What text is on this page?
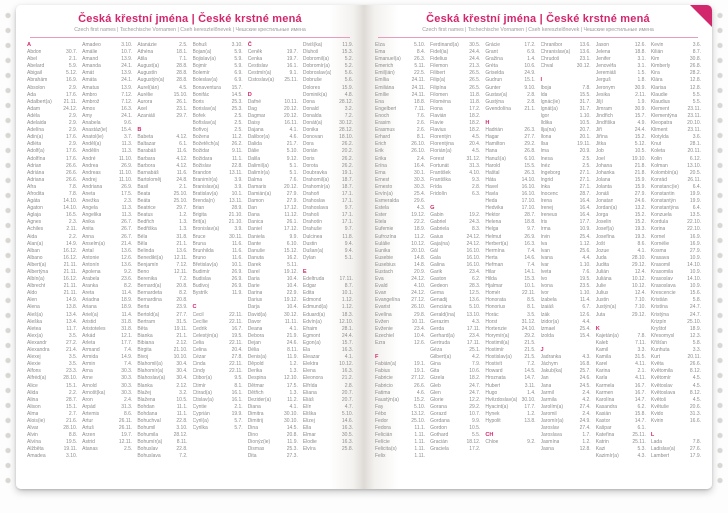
Česká křestní jména | České krstné mená
Czech first names | Tschechische Vornamen | Cseh keresztelőnevek | Чешские крестильные имена
A
Abdon	30.7.
Ábel	2.1.
Abelard	5.9.
Abigail	5.12.
Abrahám	16.9.
Absolon	2.9.
Ada	17.6.
Adalbert(a) 21.11.
Adam	24.12.
Adéla	2.9.
Adelaida	2.9.
Adelína	2.9.
Adin(a)	17.6.
Adléta	2.9.
Adolf(a)	17.6.
Adolfína	17.6.
Adrian	26.6.
Adriána	26.6.
Adriana	26.6.
Afra	7.8.
Afrodita	7.8.
Agáta	14.10.
Agaton	14.10.
Aglaja	16.5.
Agnes	2.3.
Achiles	2.11.
Aida	2.2.
Alan(a)	14.9.
Alban	16.12.
Albano	16.12.
Albert(a)	21.11.
Albertýna	21.11.
Albín(a)	16.12.
Albrecht	21.11.
Aldo	21.11.
Alen	14.9.
Alena	13.8.
Aleš(a)	13.4.
Aleška	13.4.
Aletea	11.7.
Alex(a)	3.5.
Alexandr	27.2.
Alexandra	21.4.
Alexej	3.5.
Alexie	3.5.
Alfons	23.3.
Alfréd(a)	28.10.
Alice	15.1.
Alida	2.2.
Alina	28.7.
Alison	15.1.
Alma	2.7.
Alois(ie)	21.6.
Alvar	28.10.
Alvin	8.8.
Alvína	19.5.
Alžběta	19.11.
Amadea	3.10.
Amadeo	3.10.
Amálie	10.7.
Amand	13.9.
Amanda	24.1.
Amát	13.9.
Amáta	24.1.
Amatus	13.9.
Ambro	7.12.
Ambrož	7.12.
Ámos	16.3.
Amy	24.1.
Anabela	9.6.
Anastáz(ie)	15.4.
Anatol(ie)	3.7.
Anděl(a)	11.3.
Andělín	11.3.
André	11.10.
Andrea	26.9.
Andreas	11.10.
Andrej	11.10.
Andriana	26.9.
Aneta	17.5.
Anežka	2.3.
Angela	11.3.
Angelika	11.3.
Anika	26.7.
Anita	26.7.
Anna	26.7.
Anselm(a)	21.4.
Antal	13.6.
Antonie	12.6.
Antonín	13.6.
Apolena	9.2.
Arabela	23.6.
Aranka	8.2.
Areta	11.4.
Ariadna	18.9.
Ariana	18.9.
Ariel(a)	11.4.
Aristid	31.8.
Aristoteles	31.8.
Arkád	12.1.
Arleta	17.7.
Armand	7.4.
Armida	14.9.
Armin	7.4.
Arna	30.3.
Arne	30.3.
Arnold	30.3.
Arnošt(ka)	30.3.
Áron	2.4.
Árpád	31.3.
Artemis	8.6.
Artur	26.11.
Artuš	26.11.
Arzen	19.7.
Astrid	12.11.
Atanas	2.5.
Atanázie	2.5.
Athéna	18.1.
Atila	7.1.
August(a)	28.8.
Augustín	28.8.
Augustýn(a) 28.8.
Aurel(ián)	4.5.
Aurélie	15.10.
Aurora	26.1.
Axel	23.1.
Azaniáš	29.7.
B
Babeta	4.12.
Baltazar	6.1.
Barabáš	11.6.
Barbara	4.12.
Barbora	4.12.
Barnabáš	11.6.
Bartoloměj	24.8.
Basil	2.1.
Beata	25.10.
Beáta	25.10.
Beatrice	29.7.
Beatus	1.2.
Bedřich	1.3.
Bedřiška	1.3.
Béla	31.8.
Běla	21.1.
Belinda	13.6.
Benedikt(a) 12.11.
Benjamín	7.12.
Beno	12.11.
Berenika	7.2.
Bernard(a)	20.8.
Bernardeta	8.2.
Bernardina	20.8.
Berta	23.9.
Bertold(a)	27.7.
Bertram	31.5.
Běta	19.11.
Bianka	21.1.
Bibiana	2.12.
Birgita	21.10.
Bivoj	10.10.
Blahomil(a)	30.4.
Blahomír(a)	30.4.
Blahoslav(a) 30.4.
Blanka	2.12.
Blažej	3.2.
Blažena	10.5.
Bohdan	11.1.
Bohdana	11.1.
Bohuchval	22.8.
Bohumil	3.10.
Bohumila	28.12.
Bohumír(a)	8.11.
Bohuslav	22.8.
Bohuslava	7.2.
Bohuš	3.10.
Bojan(a)	5.9.
Bojislav(a)	5.9.
Bojmír	5.9.
Bolemír	6.9.
Boleslav(a)	6.9.
Bonaventura 15.7.
Bonifác	14.5.
Boris	25.3.
Borislav(a)	25.3.
Bořek	2.5.
Bořislav(a)	2.5.
Bořivoj	2.5.
Božena	11.2.
Božetěch(a) 26.2.
Božidar	9.11.
Božidara	11.1.
Božislav	22.8.
Brandon	13.11.
Branimír(a)	3.9.
Branislav(a)	3.9.
Bratislav(a)	10.1.
Brenda(n)	13.11.
Brian	28.9.
Brigita	21.10.
Brit(a)	21.10.
Bronislav(a)	3.9.
Bruce	30.11.
Bruna	11.6.
Brunhilda	11.6.
Bruno	11.6.
Břetislav(a)	10.1.
Budimír	26.9.
Budislav	26.9.
Budivoj	26.9.
Bystrík	11.9.
C
Cecil	22.11.
Cecílie	22.11.
Cedrik	16.7.
Celestýn(a)	19.5.
Celia	22.11.
Celina	20.4.
Cézar	27.8.
Cinda	22.11.
Cindy	22.11.
Ctibor(a)	9.5.
Ctimír	8.1.
Ctirad(a)	16.1.
Ctislav(a)	16.1.
Cyntie	2.1.
Cyprián	19.9.
Cyril(a)	5.7.
Cyrilka	5.7.
Č
Čeněk	19.7.
Čenka	19.7.
Čestislav	16.1.
Čestmír(a)	9.1.
Čistoslav(a) 25.11.
D
Dafné	10.11.
Dag	20.12.
Dagmar	20.12.
Daisy	16.11.
Dajana	4.1.
Dalibor(a)	4.6.
Dalida	21.7.
Dálie	5.10.
Dalila	9.12.
Dalimil(a)	5.1.
Dalimír(a)	5.1.
Dalma	7.6.
Damaris	20.12.
Damián(a)	27.9.
Damon	27.9.
Dan	17.12.
Dana	11.12.
Danica	26.1.
Daniel	17.12.
Daniela	9.9.
Dante	6.10.
Danuše	15.12.
Danuta	16.2.
Darek	5.11.
Darel	19.12.
Daria	10.4.
Darie	10.4.
Darina	22.9.
Darius	19.12.
Darja	10.4.
David(a)	30.12.
Davor	11.11.
Deana	4.1.
Debora	21.9.
Dejan	24.6.
Délia	8.11.
Denis(a)	11.9.
Děpold	1.2.
Derika	1.3.
Despina	12.10.
Dětmar	17.5.
Dětřich	1.3.
Dezider(a)	11.2.
Diana	4.1.
Dimitra	30.10.
Dimitrij	30.10.
Dina	14.5.
Dino	20.8.
Dionýz(ie)	11.9.
Dismas	25.3.
Dita	27.3.
Diviš(ka)	11.9.
Dluhoš	15.3.
Dobromil(a)	5.2.
Dobromír(a)	5.2.
Dobroslav(a)	5.6.
Dobruše	5.6.
Dolores	15.9.
Dominik(a)	4.8.
Dona	28.12.
Donald	3.2.
Donalda	7.2.
Donát(a)	30.12.
Donika	28.12.
Donovan	18.10.
Dora	26.2.
Dorián	20.2.
Doris	26.2.
Dorota	26.2.
Doubravka	19.1.
Drahomil(a)	18.7.
Drahomír(a) 18.7.
Drahoň	17.1.
Drahoslav	17.1.
Drahoslava	9.7.
Drahoš	17.1.
Drahotín	17.1.
Drahuše	9.7.
Dulcinea	11.8.
Dustin	9.4.
Dušan(a)	9.4.
Dylan	5.1.
E
Edeltruda	17.11.
Edgar	8.7.
Edita	10.1.
Edmond	1.12.
Edmund(a)	1.12.
Eduard(a)	18.3.
Edvín(a)	12.10.
Efraim	28.1.
Egmont	24.4.
Egon(a)	15.7.
Ela	16.3.
Eleazar	4.1.
Elektra	10.12.
Elena	16.3.
Eleonora	21.2.
Elfrída	2.8.
Eliana	20.7.
Eliáš	20.7.
Elín	4.7.
Eliška	5.10.
Elizej	14.6.
Ella	16.3.
Elmar	30.5.
Elodie	16.3.
Elvíra	25.8.
Česká křestní jména | České krstné mená
Czech first names | Tschechische Vornamen | Cseh keresztelőnevek | Чешские крестильные имена
Elza	5.10.
Ema	8.4.
Emanuel(a)	26.3.
Emerich	5.11.
Emil(ián)	22.5.
Emília	24.11.
Emiliána	24.11.
Emílie	24.11.
Ena	18.8.
Engelbert	7.11.
Enoch	7.6.
Erasim	2.6.
Erasmus	2.6.
Erhard	8.1.
Erich	26.10.
Erik	26.10.
Erika	2.4.
Erína	16.4.
Erna	30.1.
Ernest	30.3.
Ernesto	30.3.
Ervín(a)	25.4.
Esmeralda	29.6.
Estela	4.3.
Ester	19.12.
Etela	22.2.
Eufemie	18.9.
Eufrozína	11.2.
Eulálie	10.12.
Eunika	20.10.
Eusebie	14.8.
Eusebius	14.8.
Eustach	20.9.
Eva	24.12.
Evald	4.10.
Evan	24.12.
Evangelína 27.12.
Evarist	26.10.
Evelína	29.8.
Evžen	10.11.
Evženie	23.4.
Ezechiel	10.4.
Ezra	12.6.
F
Fabián(a)	19.1.
Fabius	19.1.
Fabricie	27.12.
Fabricio	26.6.
Fatima	4.6.
Faustýn(a)	15.2.
Fay	5.10.
Fébo	13.12.
Fedor	25.10.
Fedora	11.1.
Felicián	1.11.
Felície	1.11.
Felicita(s)	1.11.
Felix	1.11.
Ferdinand(a) 30.5.
Fidel(ia)	24.4.
Fidelius	24.4.
Filemon	21.3.
Filibert	26.5.
Filip(a)	26.5.
Filipína	26.5.
Filomen	11.8.
Filoména	11.8.
Fiona	17.2.
Flavián	18.2.
Flavie	18.2.
Flavius	18.2.
Florentýn	4.5.
Florentýna	20.4.
Florián(a)	4.5.
Forest	31.12.
Fortunát	31.3.
František	4.10.
Františka	9.3.
Frída	2.8.
Fridolín	6.3.
G
Gabin	19.2.
Gabriel	24.3.
Gabriela	8.3.
Gaius	24.12.
Gaja(na)	24.12.
Gál	16.10.
Gala	16.10.
Galina	16.10.
Garik	23.4.
Gaston	6.2.
Gedeon	28.3.
Gema	12.5.
Genadij	13.6.
Genciána	5.10.
Gerald(ína) 13.10.
Gerazim	4.3.
Gerda	17.11.
Gerhard(a)	23.4.
Gertruda	17.11.
Géza	25.1.
Gilbert(a)	4.2.
Gina	7.9.
Gita	10.6.
Gizela	18.2.
Gleb	24.7.
Glen	24.7.
Glorie	12.2.
Gorana	29.2.
Gorazd	10.7.
Gordana	9.9.
Gordon	10.5.
Gothard	5.5.
Gracián	18.12.
Graciela	17.2.
Grácie	17.2.
Grant	6.9.
Gražina	1.4.
Gréta	10.6.
Griselda	24.9.
Gudrun	15.1.
Gunter	9.10.
Gustav(a)	2.8.
Gustýna	2.8.
Gvendolína	21.1.
H
Hadrián	26.3.
Hagar	27.7.
Hamilton	29.2.
Hana	26.8.
Hanuš(a)	6.10.
Harold	15.5.
Haštal	26.3.
Háta	14.10.
Havel	16.10.
Havla	16.10.
Heda	17.10.
Hedvika	17.10.
Hektor	28.7.
Helena	18.8.
Helga	9.7.
Helmut	26.9.
Herbert(a)	16.3.
Hermína	7.4.
Herta	14.6.
Heřman	7.4.
Hilar	14.1.
Hilda	15.3.
Hjalmar	10.1.
Homér	22.11.
Honorata	8.5.
Honorius	8.1.
Horác	3.5.
Horst	31.12.
Hortenzie	24.10.
Horymír(a)	29.2.
Hostimil(a)	21.5.
Hostimír	21.5.
Hostislav(a)	21.5.
Hostivít	7.2.
Howard	14.5.
Hroznata	14.7.
Hubert	3.11.
Hugo	1.4.
Hvězdoslav(a) 30.10.
Hyacint(a)	17.7.
Hynek	1.2.
Hypolit	13.8.
CH
Chloe	9.2.
Chranibor	13.6.
Chranislav(a) 13.6.
Chrudoš	23.1.
Chval	30.12.
I
Iboja	7.8.
Ida	15.5.
Ignác(ie)	31.7.
Ignát(a)	31.7.
Igor	1.10.
Ildika	10.5.
Ilja(na)	20.7.
Ilona	20.1.
Ilsa	19.11.
Ima	20.9.
Inesa	2.5.
Inéz	2.5.
Ingeborg	27.1.
Ingrid	27.1.
Inka	27.1.
Inocenc	28.7.
Irena	16.4.
Irenej	16.4.
Ireneus	16.4.
Iris	17.7.
Irma	10.9.
Irvin	25.4.
Iva	1.12.
Ivan	25.6.
Ivana	4.4.
Ivar	1.10.
Iveta	7.6.
Ivo	19.5.
Ivona	23.5.
Ivor	1.10.
Izabela	11.4.
Izaiáš	6.7.
Izák	12.6.
Izidor(a)	4.4.
Izmael	25.4.
Izolda	15.4.
J
Jadranka	4.3.
Jáchym	16.8.
Jakub(ka)	25.7.
Jan	24.6.
Jana	24.5.
Jarmil	2.4.
Jarmila	4.2.
Jarolím(a)	27.4.
Jaromil	2.4.
Jaromír(a)	24.9.
Jaroslav	27.4.
Jaroslava	1.7.
Jasmína	1.2.
Jasna	12.8.
Jason	12.6.
Jelena	18.8.
Jenifer	3.1.
Jenovéfa	3.1.
Jeremiáš	1.5.
Jerguš	1.8.
Jeronym	30.9.
Jesika	2.11.
Jiljí	1.9.
Jimram	30.9.
Jindřich	15.7.
Jindřiška	4.9.
Jiří	24.4.
Jiřina	15.2.
Jitka	5.12.
Job	10.5.
Joel	19.10.
Johana	21.8.
Johanka	21.8.
Jolana	15.9.
Jolanta	15.9.
Jonáš	27.9.
Jonatan	24.6.
Jordan(a)	13.2.
Jorga	15.2.
Joselin	15.2.
Josef(a)	19.3.
Josefína	19.3.
Jošt	8.6.
Jozue	4.1.
Juda	28.10.
Judita	29.12.
Julián	12.4.
Juliána	10.12.
Julie	10.12.
Julius	12.4.
Justin	7.10.
Justýn(a)	7.10.
Juta	29.12.
K
Kajetán(a)	7.8.
Kaleb	7.11.
Kamil	3.3.
Kamila	31.5.
Karel	4.11.
Karina	2.1.
Karla	4.11.
Karmela	16.7.
Karmen	16.7.
Karolína	14.7.
Kasandra	6.2.
Kasián	15.8.
Kastor	14.7.
Kašpar	6.1.
Kateřina	25.11.
Katrin	25.11.
Kazi	5.3.
Kazimír(a)	4.3.
Kevin	3.6.
Kilián	8.7.
Kim	30.8.
Kimberly	26.8.
Kira	28.2.
Klára	12.8.
Klarisa	12.8.
Klaudie	5.5.
Klaudius	5.5.
Klement	23.11.
Klementýna 23.11.
Kleopatra	20.10.
Kliment	23.11.
Klotylda	3.6.
Knut	28.1.
Koleta	20.11.
Kolin	6.12.
Kolman	13.10.
Kolombín(a) 20.5.
Konrád	26.11.
Konstanc(ie)	6.4.
Konstantin	19.9.
Konstantýn	19.9.
Konstantýna	6.4.
Konzuela	13.5.
Kordula	22.10.
Korina	22.10.
Kornel	16.9.
Kornélie	16.9.
Kosma	27.9.
Krasava	10.9.
Krasomil	14.10.
Krasomila	10.9.
Krasoslav	14.10.
Krasoslava	10.9.
Krescencie	15.6.
Kristián	5.8.
Kristína	24.7.
Kristýna	24.7.
Krizpín	25.10.
Kryštof	18.9.
Křesomysl	12.3.
Křišťan	5.8.
Kunhuta	3.3.
Kurt	20.11.
Květa	26.6.
Květomila	8.12.
Květomír	4.5.
Květoslav	4.5.
Květoslava	8.12.
Květoš	4.5.
Květuše	20.6.
Kvido	31.3.
Kvirin	16.6.
L
Lada	7.8.
Ladislav(a)	27.6.
Lambert	17.9.
